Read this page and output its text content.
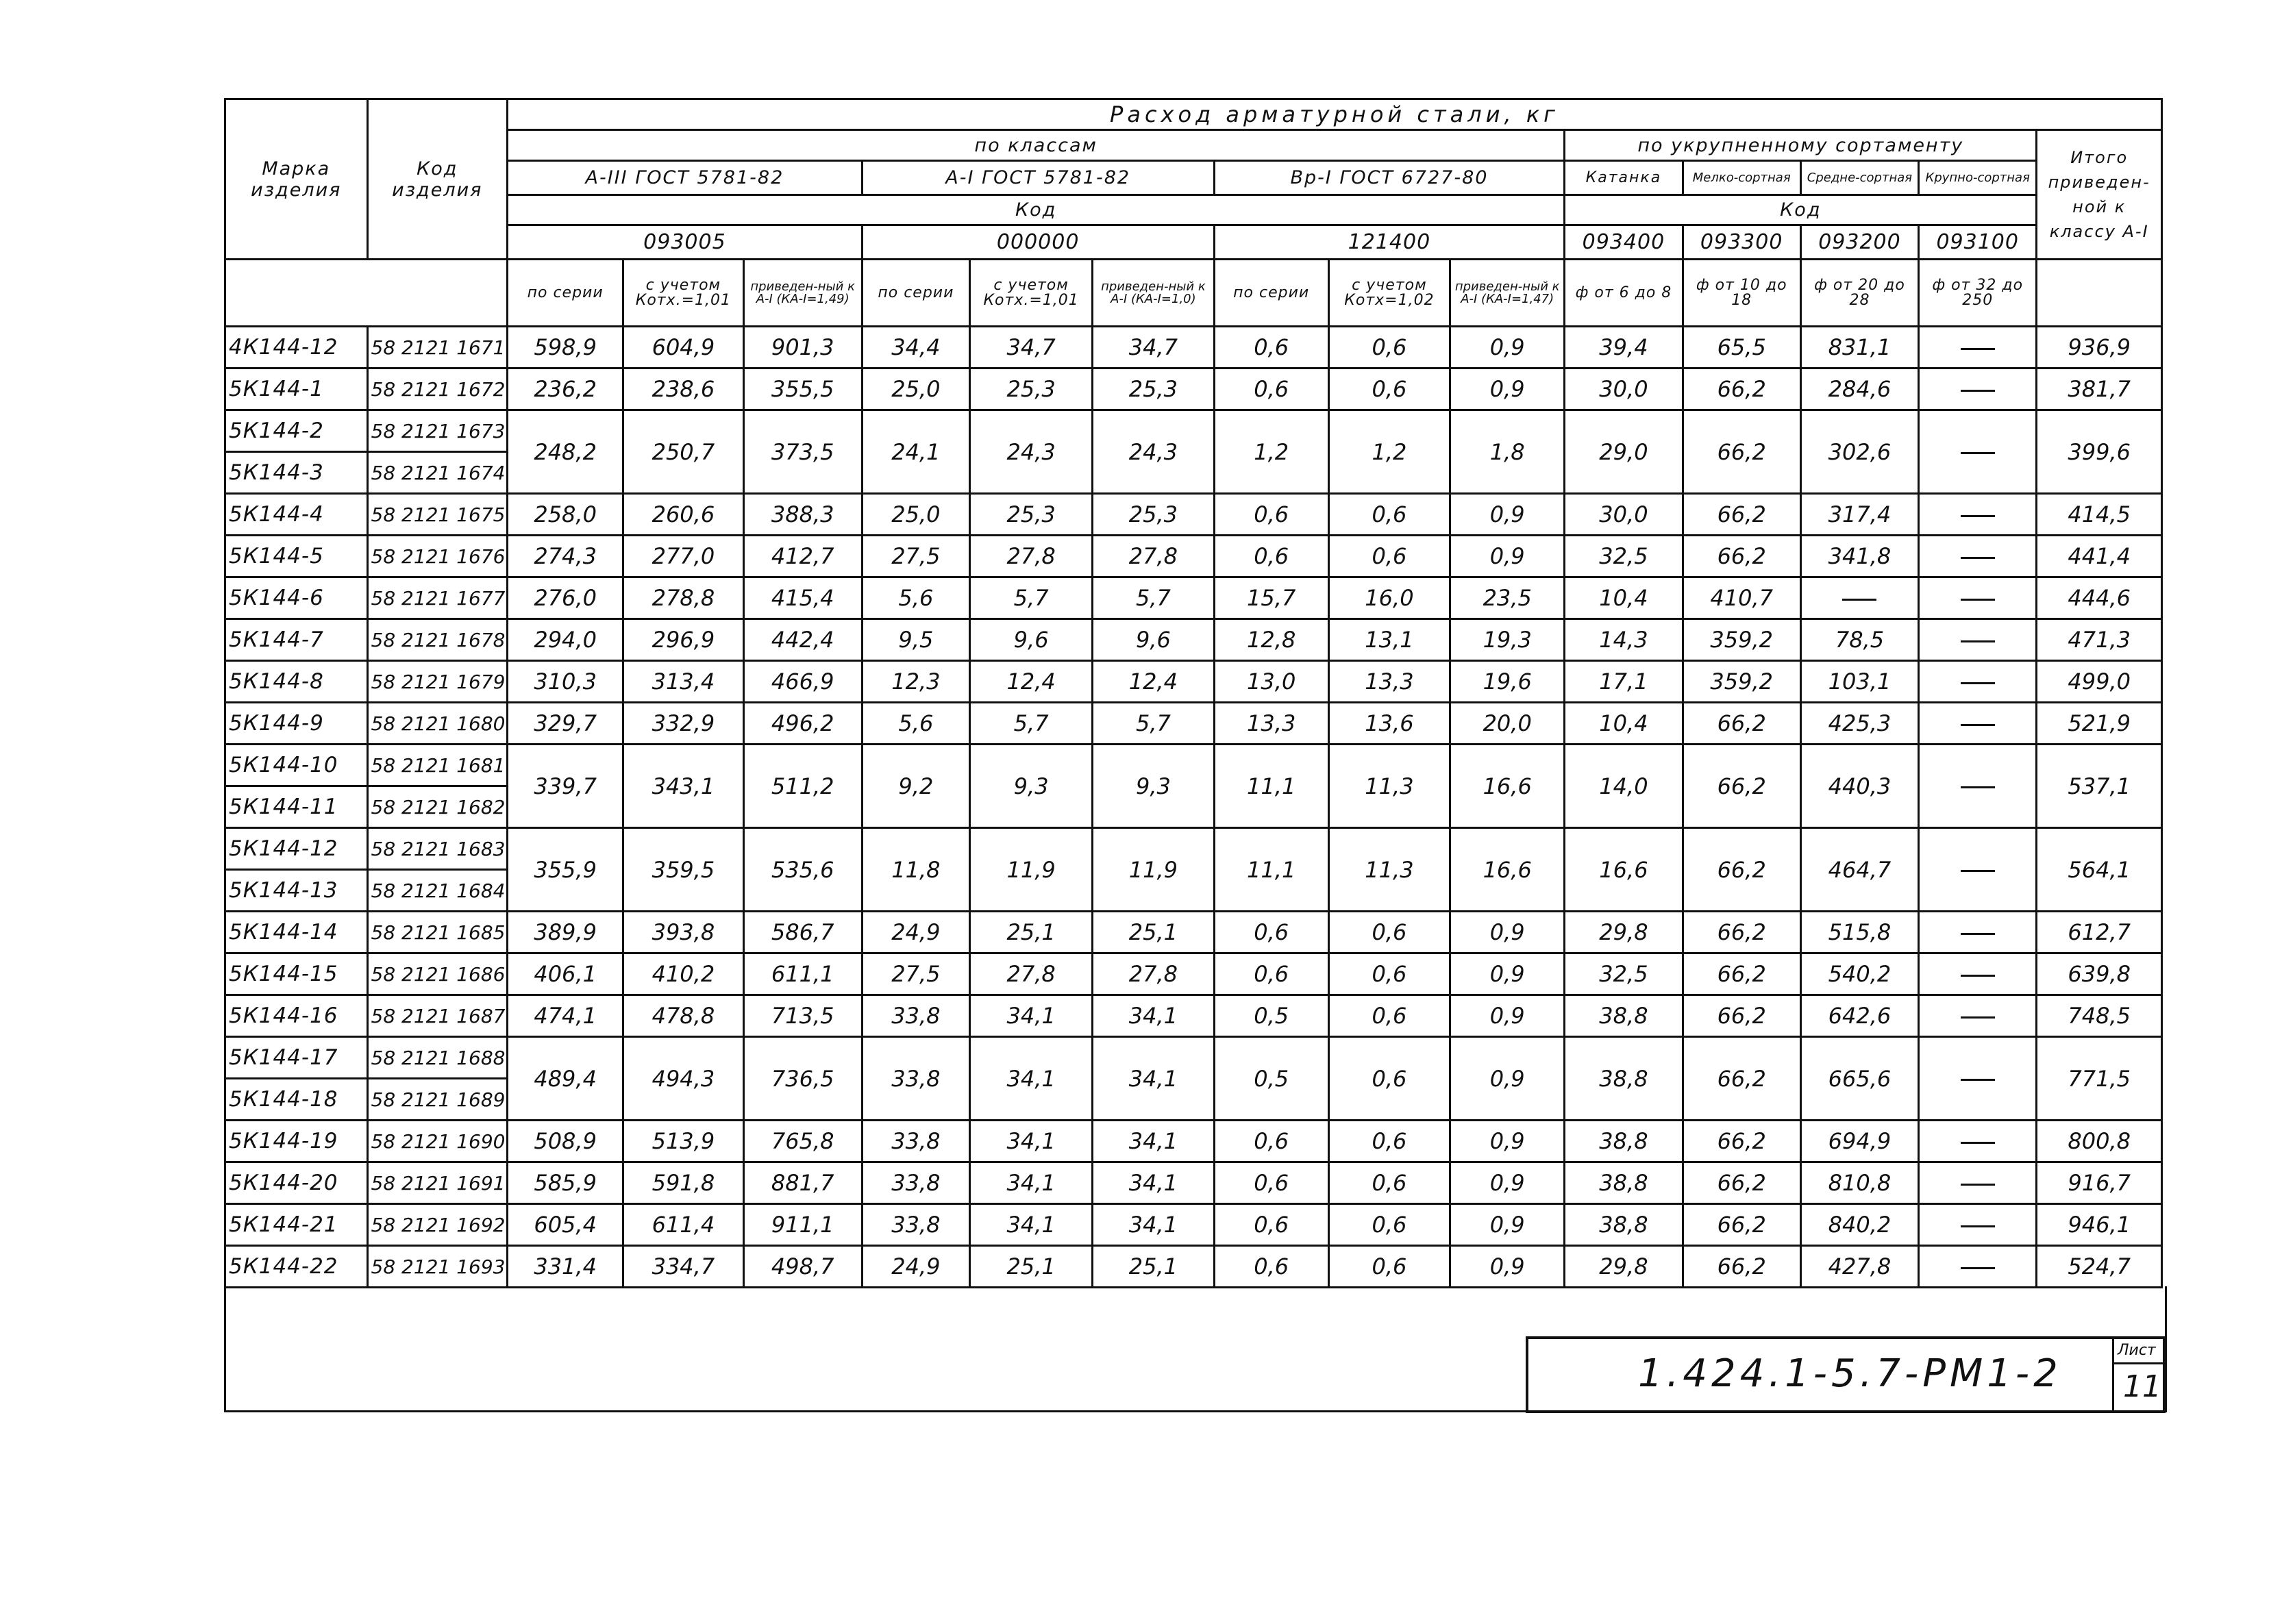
Марка изделия	Код изделия	Расход арматурной стали, кг													
		по классам									по укрупненному сортаменту				Итого приведен-ной к классу А-I
		А-III ГОСТ 5781-82			А-I ГОСТ 5781-82			Вр-I ГОСТ 6727-80			Катанка	Мелко-сортная	Средне-сортная	Крупно-сортная	
		Код									Код				
		093005			000000			121400			093400	093300	093200	093100	
		по серии	с учетом Котх.=1,01	приведен-ный к А-I (КА-I=1,49)	по серии	с учетом Котх.=1,01	приведен-ный к А-I (КА-I=1,0)	по серии	с учетом Котх=1,02	приведен-ный к А-I (КА-I=1,47)	ф от 6 до 8	ф от 10 до 18	ф от 20 до 28	ф от 32 до 250	
4К144-12	58 2121 1671	598,9	604,9	901,3	34,4	34,7	34,7	0,6	0,6	0,9	39,4	65,5	831,1		936,9
5К144-1	58 2121 1672	236,2	238,6	355,5	25,0	25,3	25,3	0,6	0,6	0,9	30,0	66,2	284,6		381,7
5К144-2	58 2121 1673	248,2	250,7	373,5	24,1	24,3	24,3	1,2	1,2	1,8	29,0	66,2	302,6		399,6
5К144-3	58 2121 1674														
5К144-4	58 2121 1675	258,0	260,6	388,3	25,0	25,3	25,3	0,6	0,6	0,9	30,0	66,2	317,4		414,5
5К144-5	58 2121 1676	274,3	277,0	412,7	27,5	27,8	27,8	0,6	0,6	0,9	32,5	66,2	341,8		441,4
5К144-6	58 2121 1677	276,0	278,8	415,4	5,6	5,7	5,7	15,7	16,0	23,5	10,4	410,7			444,6
5К144-7	58 2121 1678	294,0	296,9	442,4	9,5	9,6	9,6	12,8	13,1	19,3	14,3	359,2	78,5		471,3
5К144-8	58 2121 1679	310,3	313,4	466,9	12,3	12,4	12,4	13,0	13,3	19,6	17,1	359,2	103,1		499,0
5К144-9	58 2121 1680	329,7	332,9	496,2	5,6	5,7	5,7	13,3	13,6	20,0	10,4	66,2	425,3		521,9
5К144-10	58 2121 1681	339,7	343,1	511,2	9,2	9,3	9,3	11,1	11,3	16,6	14,0	66,2	440,3		537,1
5К144-11	58 2121 1682														
5К144-12	58 2121 1683	355,9	359,5	535,6	11,8	11,9	11,9	11,1	11,3	16,6	16,6	66,2	464,7		564,1
5К144-13	58 2121 1684														
5К144-14	58 2121 1685	389,9	393,8	586,7	24,9	25,1	25,1	0,6	0,6	0,9	29,8	66,2	515,8		612,7
5К144-15	58 2121 1686	406,1	410,2	611,1	27,5	27,8	27,8	0,6	0,6	0,9	32,5	66,2	540,2		639,8
5К144-16	58 2121 1687	474,1	478,8	713,5	33,8	34,1	34,1	0,5	0,6	0,9	38,8	66,2	642,6		748,5
5К144-17	58 2121 1688	489,4	494,3	736,5	33,8	34,1	34,1	0,5	0,6	0,9	38,8	66,2	665,6		771,5
5К144-18	58 2121 1689														
5К144-19	58 2121 1690	508,9	513,9	765,8	33,8	34,1	34,1	0,6	0,6	0,9	38,8	66,2	694,9		800,8
5К144-20	58 2121 1691	585,9	591,8	881,7	33,8	34,1	34,1	0,6	0,6	0,9	38,8	66,2	810,8		916,7
5К144-21	58 2121 1692	605,4	611,4	911,1	33,8	34,1	34,1	0,6	0,6	0,9	38,8	66,2	840,2		946,1
5К144-22	58 2121 1693	331,4	334,7	498,7	24,9	25,1	25,1	0,6	0,6	0,9	29,8	66,2	427,8		524,7
1.424.1-5.7-РМ1-2
Лист
11
